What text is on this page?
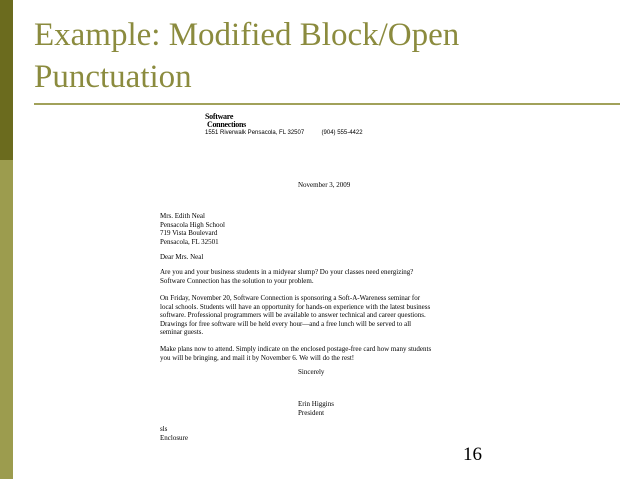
Example: Modified Block/Open
Punctuation
Software
Connections
1551 Riverwalk Pensacola, FL 32507	(904) 555-4422
November 3, 2009
Mrs. Edith Neal
Pensacola High School
719 Vista Boulevard
Pensacola, FL 32501
Dear Mrs. Neal
Are you and your business students in a midyear slump? Do your classes need energizing?
Software Connection has the solution to your problem.
On Friday, November 20, Software Connection is sponsoring a Soft-A-Wareness seminar for
local schools. Students will have an opportunity for hands-on experience with the latest business
software. Professional programmers will be available to answer technical and career questions.
Drawings for free software will be held every hour—and a free lunch will be served to all
seminar guests.
Make plans now to attend. Simply indicate on the enclosed postage-free card how many students
you will be bringing, and mail it by November 6. We will do the rest!
Sincerely
Erin Higgins
President
sls
Enclosure
16
